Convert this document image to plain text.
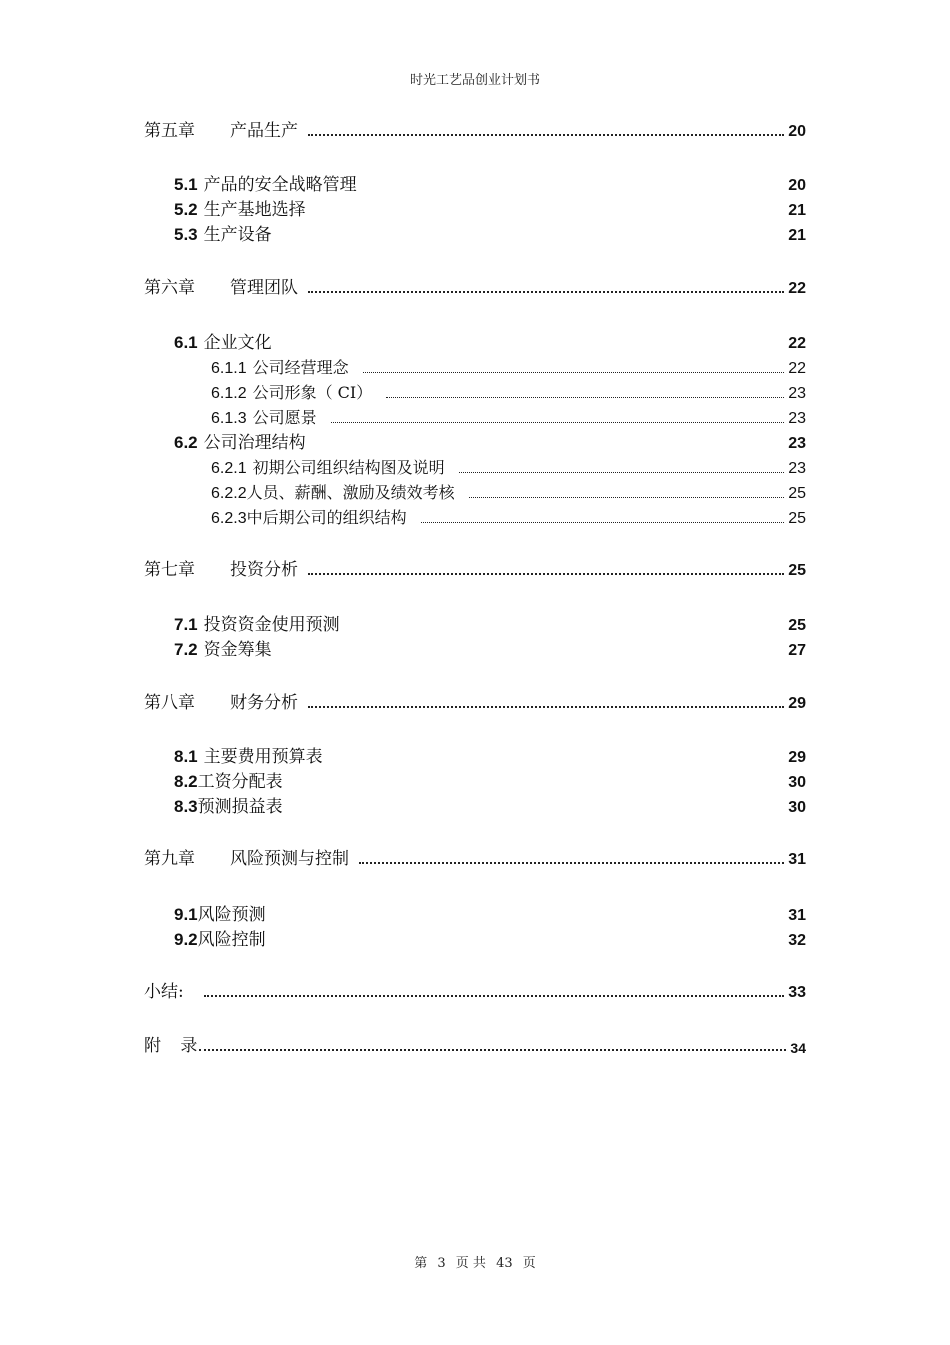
时光工艺品创业计划书
第五章	产品生产	20
5.1 产品的安全战略管理	20
5.2 生产基地选择	21
5.3 生产设备	21
第六章	管理团队	22
6.1 企业文化	22
6.1.1 公司经营理念	22
6.1.2 公司形象（ CI）	23
6.1.3 公司愿景	23
6.2 公司治理结构	23
6.2.1 初期公司组织结构图及说明	23
6.2.2 人员、薪酬、激励及绩效考核	25
6.2.3 中后期公司的组织结构	25
第七章	投资分析	25
7.1 投资资金使用预测	25
7.2 资金筹集	27
第八章	财务分析	29
8.1 主要费用预算表	29
8.2 工资分配表	30
8.3 预测损益表	30
第九章	风险预测与控制	31
9.1 风险预测	31
9.2 风险控制	32
小结:	33
附 录	34
第 3 页 共 43 页
